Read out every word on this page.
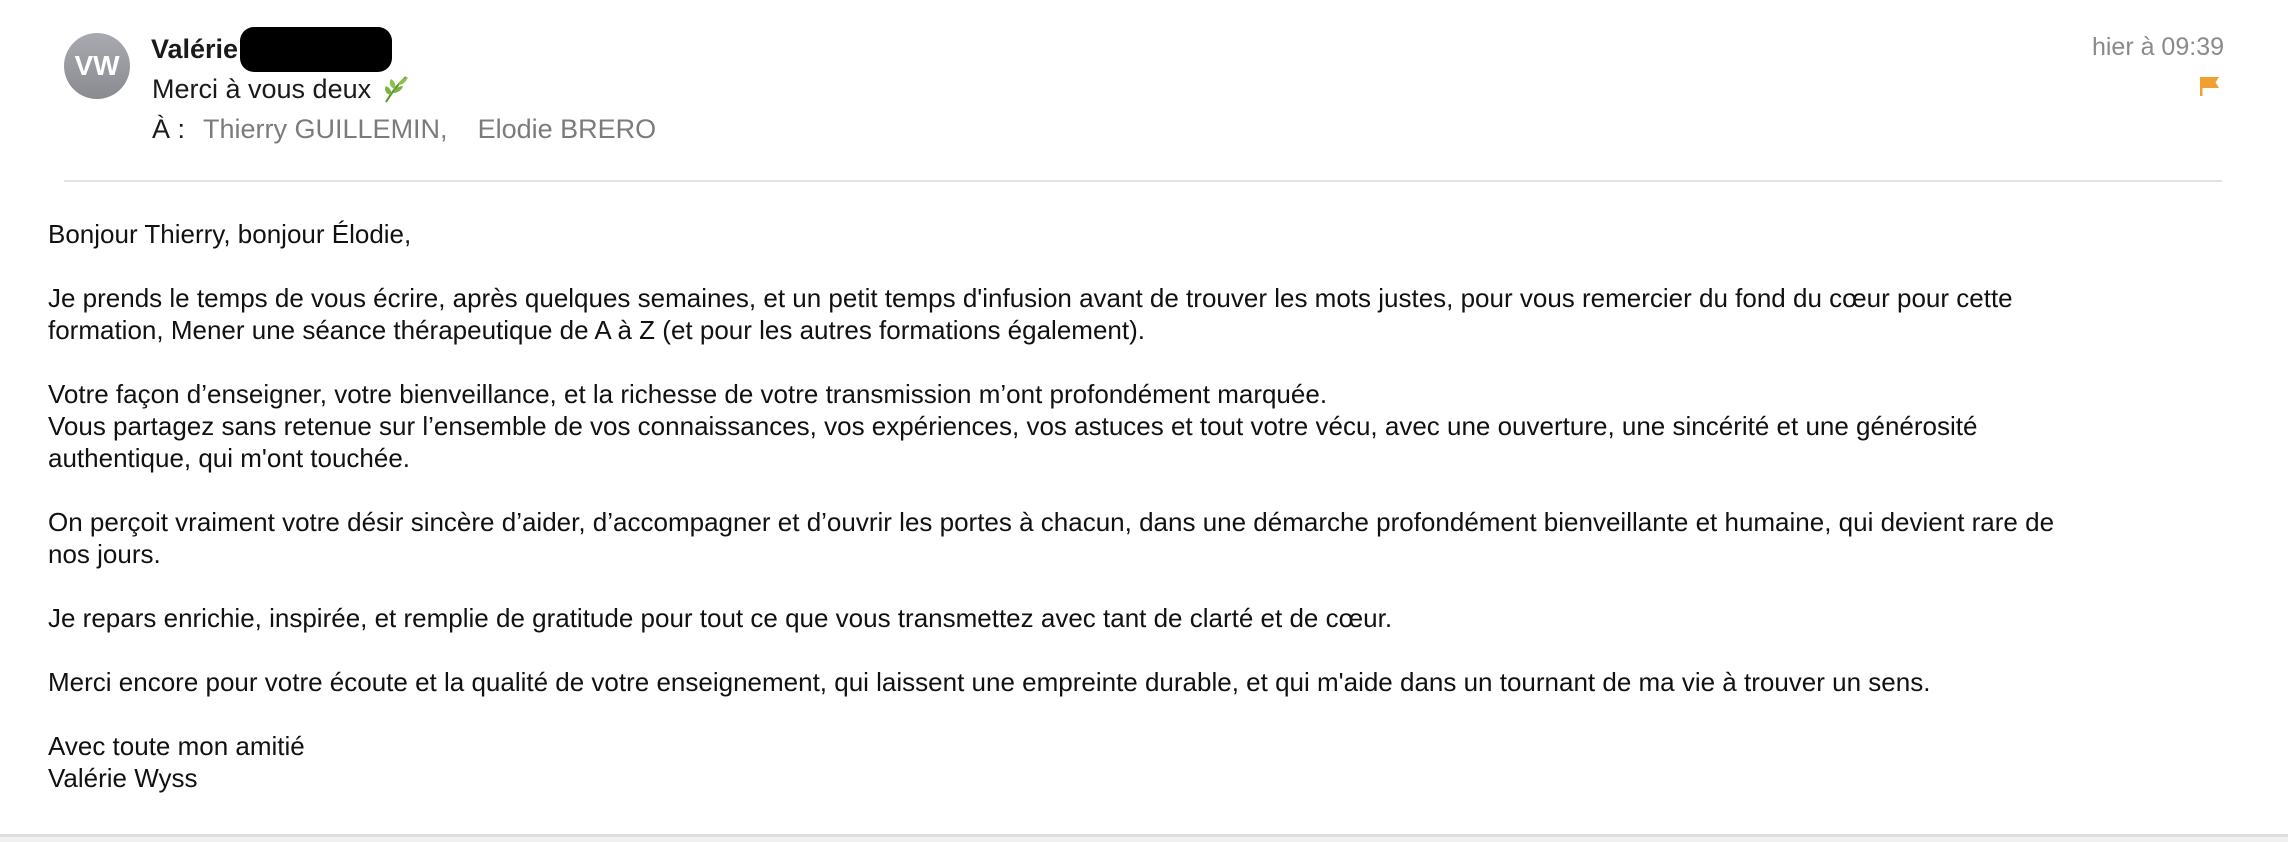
VW
Valérie
Merci à vous deux
À : Thierry GUILLEMIN, Elodie BRERO
hier à 09:39

Bonjour Thierry, bonjour Élodie,

Je prends le temps de vous écrire, après quelques semaines, et un petit temps d'infusion avant de trouver les mots justes, pour vous remercier du fond du cœur pour cette
formation, Mener une séance thérapeutique de A à Z (et pour les autres formations également).

Votre façon d’enseigner, votre bienveillance, et la richesse de votre transmission m’ont profondément marquée.
Vous partagez sans retenue sur l’ensemble de vos connaissances, vos expériences, vos astuces et tout votre vécu, avec une ouverture, une sincérité et une générosité
authentique, qui m'ont touchée.

On perçoit vraiment votre désir sincère d’aider, d’accompagner et d’ouvrir les portes à chacun, dans une démarche profondément bienveillante et humaine, qui devient rare de
nos jours.

Je repars enrichie, inspirée, et remplie de gratitude pour tout ce que vous transmettez avec tant de clarté et de cœur.

Merci encore pour votre écoute et la qualité de votre enseignement, qui laissent une empreinte durable, et qui m'aide dans un tournant de ma vie à trouver un sens.

Avec toute mon amitié
Valérie Wyss
